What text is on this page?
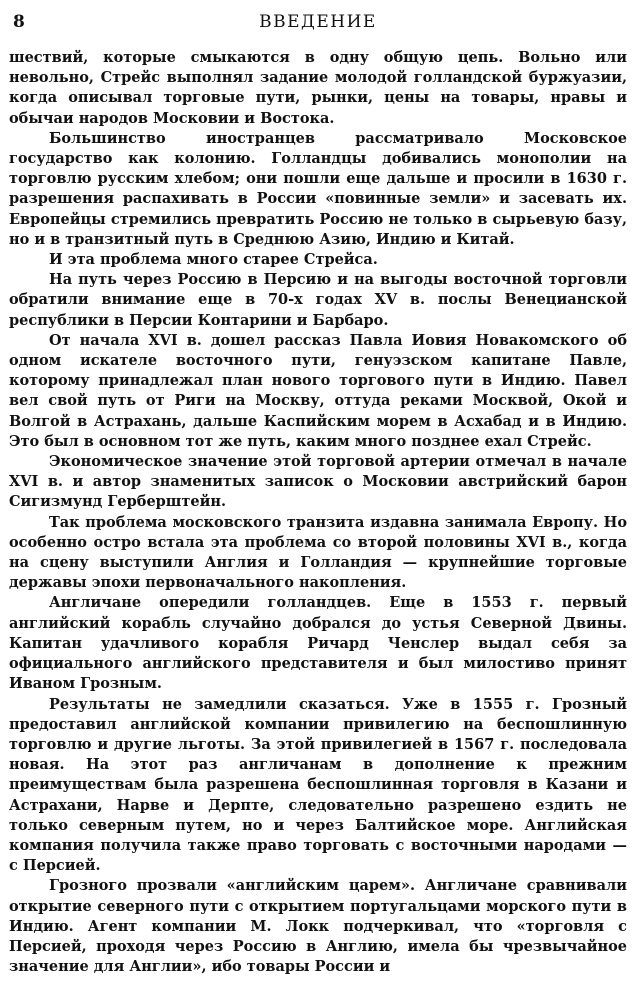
8	ВВЕДЕНИЕ

шествий, которые смыкаются в одну общую цепь. Вольно или невольно, Стрейс выполнял задание молодой голландской буржуазии, когда описывал торговые пути, рынки, цены на товары, нравы и обычаи народов Московии и Востока.

Большинство иностранцев рассматривало Московское государство как колонию. Голландцы добивались монополии на торговлю русским хлебом; они пошли еще дальше и просили в 1630 г. разрешения распахивать в России «повинные земли» и засевать их. Европейцы стремились превратить Россию не только в сырьевую базу, но и в транзитный путь в Среднюю Азию, Индию и Китай.

И эта проблема много старее Стрейса.

На путь через Россию в Персию и на выгоды восточной торговли обратили внимание еще в 70-х годах XV в. послы Венецианской республики в Персии Контарини и Барбаро.

От начала XVI в. дошел рассказ Павла Иовия Новакомского об одном искателе восточного пути, генуэзском капитане Павле, которому принадлежал план нового торгового пути в Индию. Павел вел свой путь от Риги на Москву, оттуда реками Москвой, Окой и Волгой в Астрахань, дальше Каспийским морем в Асхабад и в Индию. Это был в основном тот же путь, каким много позднее ехал Стрейс.

Экономическое значение этой торговой артерии отмечал в начале XVI в. и автор знаменитых записок о Московии австрийский барон Сигизмунд Герберштейн.

Так проблема московского транзита издавна занимала Европу. Но особенно остро встала эта проблема со второй половины XVI в., когда на сцену выступили Англия и Голландия — крупнейшие торговые державы эпохи первоначального накопления.

Англичане опередили голландцев. Еще в 1553 г. первый английский корабль случайно добрался до устья Северной Двины. Капитан удачливого корабля Ричард Ченслер выдал себя за официального английского представителя и был милостиво принят Иваном Грозным.

Результаты не замедлили сказаться. Уже в 1555 г. Грозный предоставил английской компании привилегию на беспошлинную торговлю и другие льготы. За этой привилегией в 1567 г. последовала новая. На этот раз англичанам в дополнение к прежним преимуществам была разрешена беспошлинная торговля в Казани и Астрахани, Нарве и Дерпте, следовательно разрешено ездить не только северным путем, но и через Балтийское море. Английская компания получила также право торговать с восточными народами — с Персией.

Грозного прозвали «английским царем». Англичане сравнивали открытие северного пути с открытием португальцами морского пути в Индию. Агент компании М. Локк подчеркивал, что «торговля с Персией, проходя через Россию в Англию, имела бы чрезвычайное значение для Англии», ибо товары России и
